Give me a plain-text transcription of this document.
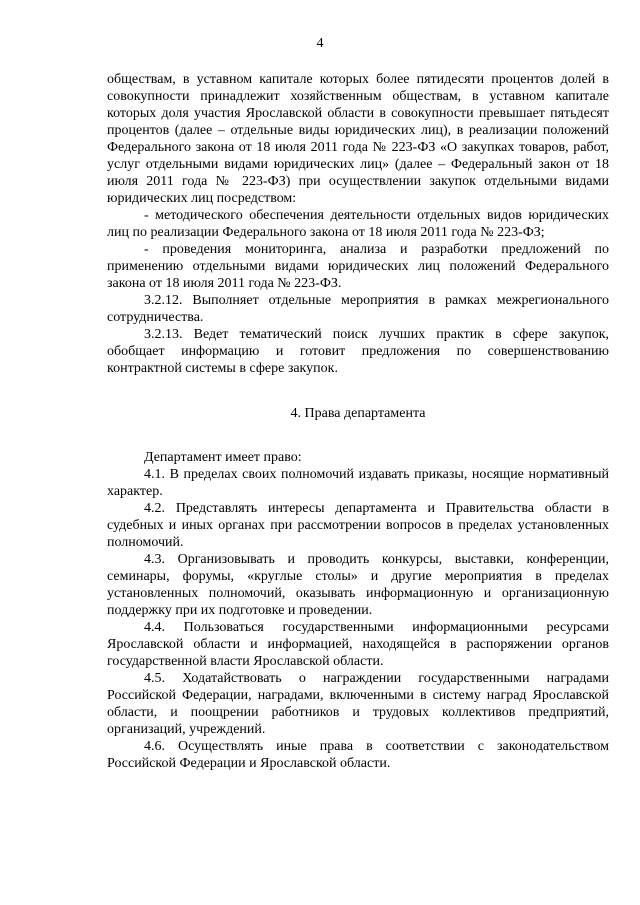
4

обществам, в уставном капитале которых более пятидесяти процентов долей в совокупности принадлежит хозяйственным обществам, в уставном капитале которых доля участия Ярославской области в совокупности превышает пятьдесят процентов (далее – отдельные виды юридических лиц), в реализации положений Федерального закона от 18 июля 2011 года № 223-ФЗ «О закупках товаров, работ, услуг отдельными видами юридических лиц» (далее – Федеральный закон от 18 июля 2011 года № 223-ФЗ) при осуществлении закупок отдельными видами юридических лиц посредством:

- методического обеспечения деятельности отдельных видов юридических лиц по реализации Федерального закона от 18 июля 2011 года № 223-ФЗ;

- проведения мониторинга, анализа и разработки предложений по применению отдельными видами юридических лиц положений Федерального закона от 18 июля 2011 года № 223-ФЗ.

3.2.12. Выполняет отдельные мероприятия в рамках межрегионального сотрудничества.

3.2.13. Ведет тематический поиск лучших практик в сфере закупок, обобщает информацию и готовит предложения по совершенствованию контрактной системы в сфере закупок.

4. Права департамента

Департамент имеет право:

4.1. В пределах своих полномочий издавать приказы, носящие нормативный характер.

4.2. Представлять интересы департамента и Правительства области в судебных и иных органах при рассмотрении вопросов в пределах установленных полномочий.

4.3. Организовывать и проводить конкурсы, выставки, конференции, семинары, форумы, «круглые столы» и другие мероприятия в пределах установленных полномочий, оказывать информационную и организационную поддержку при их подготовке и проведении.

4.4. Пользоваться государственными информационными ресурсами Ярославской области и информацией, находящейся в распоряжении органов государственной власти Ярославской области.

4.5. Ходатайствовать о награждении государственными наградами Российской Федерации, наградами, включенными в систему наград Ярославской области, и поощрении работников и трудовых коллективов предприятий, организаций, учреждений.

4.6. Осуществлять иные права в соответствии с законодательством Российской Федерации и Ярославской области.
